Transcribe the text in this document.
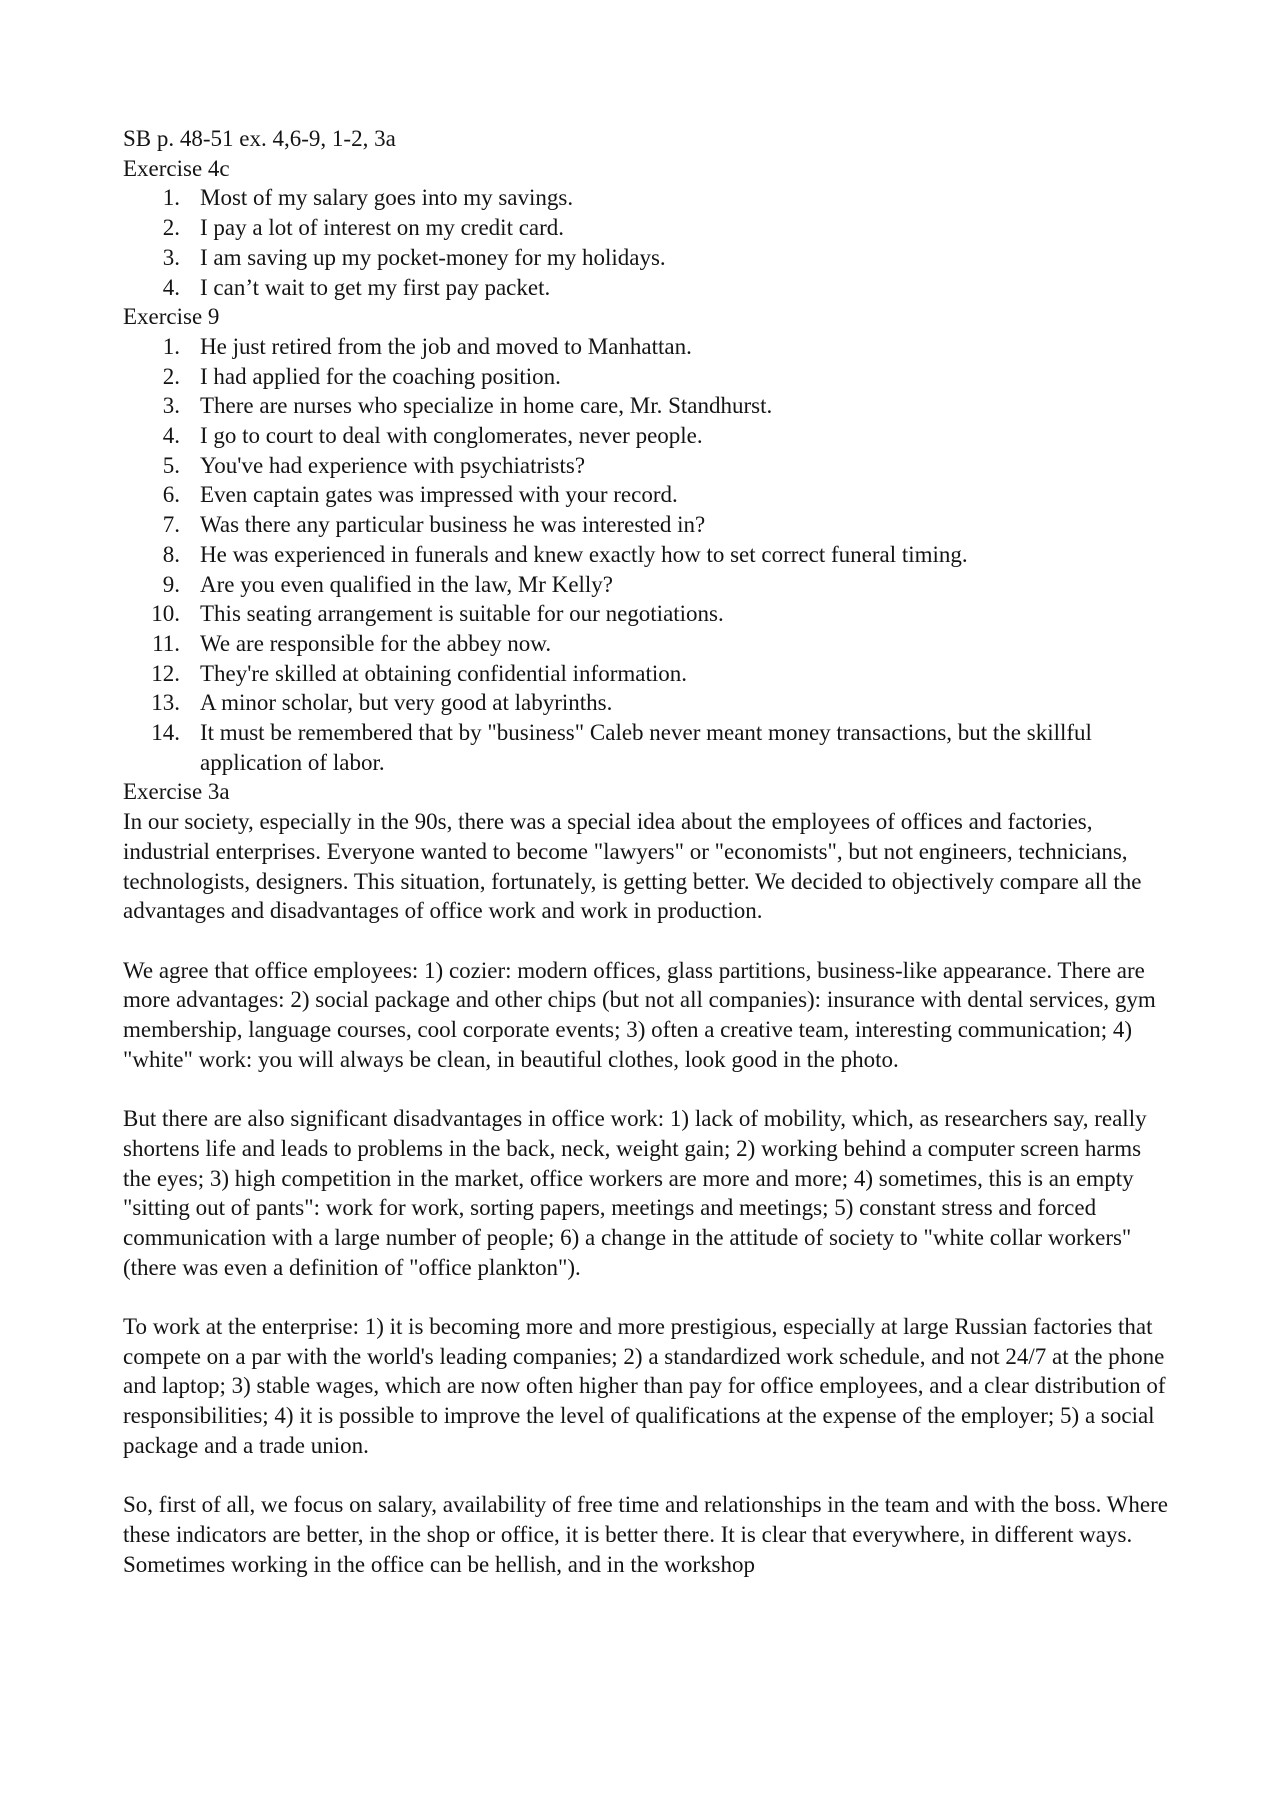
SB p. 48-51 ex. 4,6-9, 1-2, 3a

Exercise 4c

1. Most of my salary goes into my savings.
2. I pay a lot of interest on my credit card.
3. I am saving up my pocket-money for my holidays.
4. I can’t wait to get my first pay packet.

Exercise 9

1. He just retired from the job and moved to Manhattan.
2. I had applied for the coaching position.
3. There are nurses who specialize in home care, Mr. Standhurst.
4. I go to court to deal with conglomerates, never people.
5. You've had experience with psychiatrists?
6. Even captain gates was impressed with your record.
7. Was there any particular business he was interested in?
8. He was experienced in funerals and knew exactly how to set correct funeral timing.
9. Are you even qualified in the law, Mr Kelly?
10. This seating arrangement is suitable for our negotiations.
11. We are responsible for the abbey now.
12. They're skilled at obtaining confidential information.
13. A minor scholar, but very good at labyrinths.
14. It must be remembered that by "business" Caleb never meant money transactions, but the skillful application of labor.

Exercise 3a

In our society, especially in the 90s, there was a special idea about the employees of offices and factories, industrial enterprises. Everyone wanted to become "lawyers" or "economists", but not engineers, technicians, technologists, designers. This situation, fortunately, is getting better. We decided to objectively compare all the advantages and disadvantages of office work and work in production.

We agree that office employees: 1) cozier: modern offices, glass partitions, business-like appearance. There are more advantages: 2) social package and other chips (but not all companies): insurance with dental services, gym membership, language courses, cool corporate events; 3) often a creative team, interesting communication; 4) "white" work: you will always be clean, in beautiful clothes, look good in the photo.

But there are also significant disadvantages in office work: 1) lack of mobility, which, as researchers say, really shortens life and leads to problems in the back, neck, weight gain; 2) working behind a computer screen harms the eyes; 3) high competition in the market, office workers are more and more; 4) sometimes, this is an empty "sitting out of pants": work for work, sorting papers, meetings and meetings; 5) constant stress and forced communication with a large number of people; 6) a change in the attitude of society to "white collar workers" (there was even a definition of "office plankton").

To work at the enterprise: 1) it is becoming more and more prestigious, especially at large Russian factories that compete on a par with the world's leading companies; 2) a standardized work schedule, and not 24/7 at the phone and laptop; 3) stable wages, which are now often higher than pay for office employees, and a clear distribution of responsibilities; 4) it is possible to improve the level of qualifications at the expense of the employer; 5) a social package and a trade union.

So, first of all, we focus on salary, availability of free time and relationships in the team and with the boss. Where these indicators are better, in the shop or office, it is better there. It is clear that everywhere, in different ways. Sometimes working in the office can be hellish, and in the workshop
